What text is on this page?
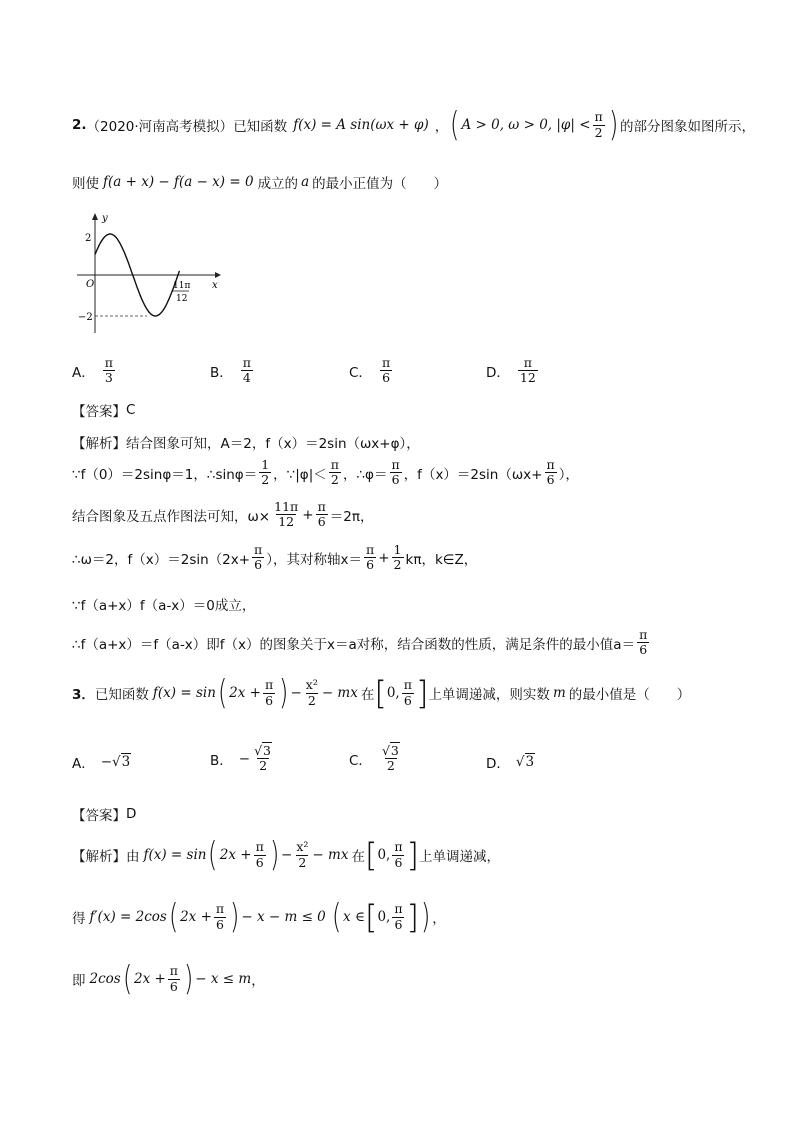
2. （2020·河南高考模拟） 已知函数 f(x) = A sin(ωx + φ) ， ( A > 0, ω > 0, $|\varphi| < \frac{\pi}{2}$ ) 的部分图象如图所示，
则使 f(a + x) − f(a − x) = 0 成立的 a 的最小正值为（　　）
y
x
O
2
−2
11π
12
A． $\frac{\pi}{3}$	B． $\frac{\pi}{4}$	C． $\frac{\pi}{6}$	D． $\frac{\pi}{12}$
【答案】 C
【解析】 结合图象可知，A＝2，f（x）＝2sin（ωx+φ），
∵f（0）＝2sinφ＝1，∴sinφ＝ $\frac{1}{2}$ ，∵|φ|＜ $\frac{\pi}{2}$ ，∴φ＝ $\frac{\pi}{6}$ ，$f(x)=2\sin(\omega x+ \frac{\pi}{6}$ ），
结合图象及五点作图法可知，$\omega\times \frac{11\pi}{12} + \frac{\pi}{6} =2\pi$，
∴ω＝2，$f(x)=2\sin(2x+ \frac{\pi}{6}$ ），其对称轴$x= \frac{\pi}{6} + \frac{1}{2}$ kπ，k∈Z，
∵f（a+x）f（a-x）＝0成立，
∴f（a+x）＝f（a-x）即f（x）的图象关于x＝a对称，结合函数的性质，满足条件的最小值$a= \frac{\pi}{6}$
3． 已知函数 f(x) = sin ( $2x + \frac{\pi}{6}$ ) − $\frac{\text{x²}}{2}$ − mx 在 [ 0, $\frac{\pi}{6}$ ] 上单调递减，则实数 m 的最小值是（　　）
A． −√3	B． − $\frac{√3}{2}$	C． $\frac{√3}{2}$	D． √3
【答案】 D
【解析】 由 f(x) = sin ( $2x + \frac{\pi}{6}$ ) − $\frac{\text{x²}}{2}$ − mx 在 [ 0, $\frac{\pi}{6}$ ] 上单调递减，
得 f′(x) = 2cos ( $2x + \frac{\pi}{6}$ ) − x − m ≤ 0 ( x ∈ [ 0, $\frac{\pi}{6}$ ] ) ，
即 2cos ( $2x + \frac{\pi}{6}$ ) − x ≤ m ，
